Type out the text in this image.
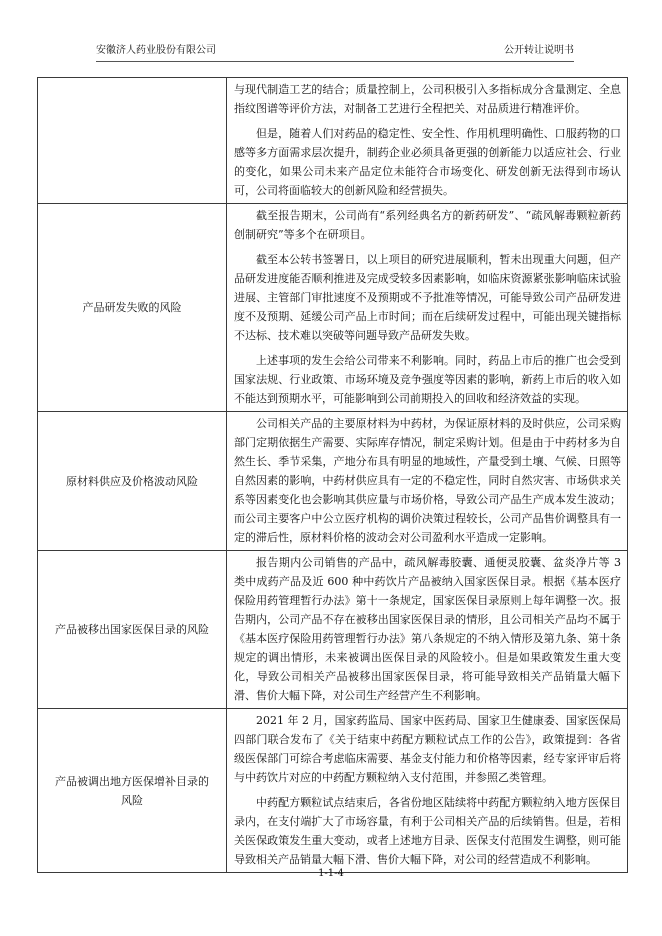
安徽济人药业股份有限公司	公开转让说明书

	与现代制造工艺的结合；质量控制上，公司积极引入多指标成分含量测定、全息指纹图谱等评价方法，对制备工艺进行全程把关、对品质进行精准评价。

但是，随着人们对药品的稳定性、安全性、作用机理明确性、口服药物的口感等多方面需求层次提升，制药企业必须具备更强的创新能力以适应社会、行业的变化，如果公司未来产品定位未能符合市场变化、研发创新无法得到市场认可，公司将面临较大的创新风险和经营损失。

产品研发失败的风险	截至报告期末，公司尚有“系列经典名方的新药研发”、“疏风解毒颗粒新药创制研究”等多个在研项目。

截至本公转书签署日，以上项目的研究进展顺利，暂未出现重大问题，但产品研发进度能否顺利推进及完成受较多因素影响，如临床资源紧张影响临床试验进展、主管部门审批速度不及预期或不予批准等情况，可能导致公司产品研发进度不及预期、延缓公司产品上市时间；而在后续研发过程中，可能出现关键指标不达标、技术难以突破等问题导致产品研发失败。

上述事项的发生会给公司带来不利影响。同时，药品上市后的推广也会受到国家法规、行业政策、市场环境及竞争强度等因素的影响，新药上市后的收入如不能达到预期水平，可能影响到公司前期投入的回收和经济效益的实现。

原材料供应及价格波动风险	公司相关产品的主要原材料为中药材，为保证原材料的及时供应，公司采购部门定期依据生产需要、实际库存情况，制定采购计划。但是由于中药材多为自然生长、季节采集，产地分布具有明显的地域性，产量受到土壤、气候、日照等自然因素的影响，中药材供应具有一定的不稳定性，同时自然灾害、市场供求关系等因素变化也会影响其供应量与市场价格，导致公司产品生产成本发生波动；而公司主要客户中公立医疗机构的调价决策过程较长，公司产品售价调整具有一定的滞后性，原材料价格的波动会对公司盈利水平造成一定影响。

产品被移出国家医保目录的风险	报告期内公司销售的产品中，疏风解毒胶囊、通便灵胶囊、盆炎净片等 3 类中成药产品及近 600 种中药饮片产品被纳入国家医保目录。根据《基本医疗保险用药管理暂行办法》第十一条规定，国家医保目录原则上每年调整一次。报告期内，公司产品不存在被移出国家医保目录的情形，且公司相关产品均不属于《基本医疗保险用药管理暂行办法》第八条规定的不纳入情形及第九条、第十条规定的调出情形，未来被调出医保目录的风险较小。但是如果政策发生重大变化，导致公司相关产品被移出国家医保目录，将可能导致相关产品销量大幅下滑、售价大幅下降，对公司生产经营产生不利影响。

产品被调出地方医保增补目录的风险	2021 年 2 月，国家药监局、国家中医药局、国家卫生健康委、国家医保局四部门联合发布了《关于结束中药配方颗粒试点工作的公告》，政策提到：各省级医保部门可综合考虑临床需要、基金支付能力和价格等因素，经专家评审后将与中药饮片对应的中药配方颗粒纳入支付范围，并参照乙类管理。

中药配方颗粒试点结束后，各省份地区陆续将中药配方颗粒纳入地方医保目录内，在支付端扩大了市场容量，有利于公司相关产品的后续销售。但是，若相关医保政策发生重大变动，或者上述地方目录、医保支付范围发生调整，则可能导致相关产品销量大幅下滑、售价大幅下降，对公司的经营造成不利影响。

1-1-4
